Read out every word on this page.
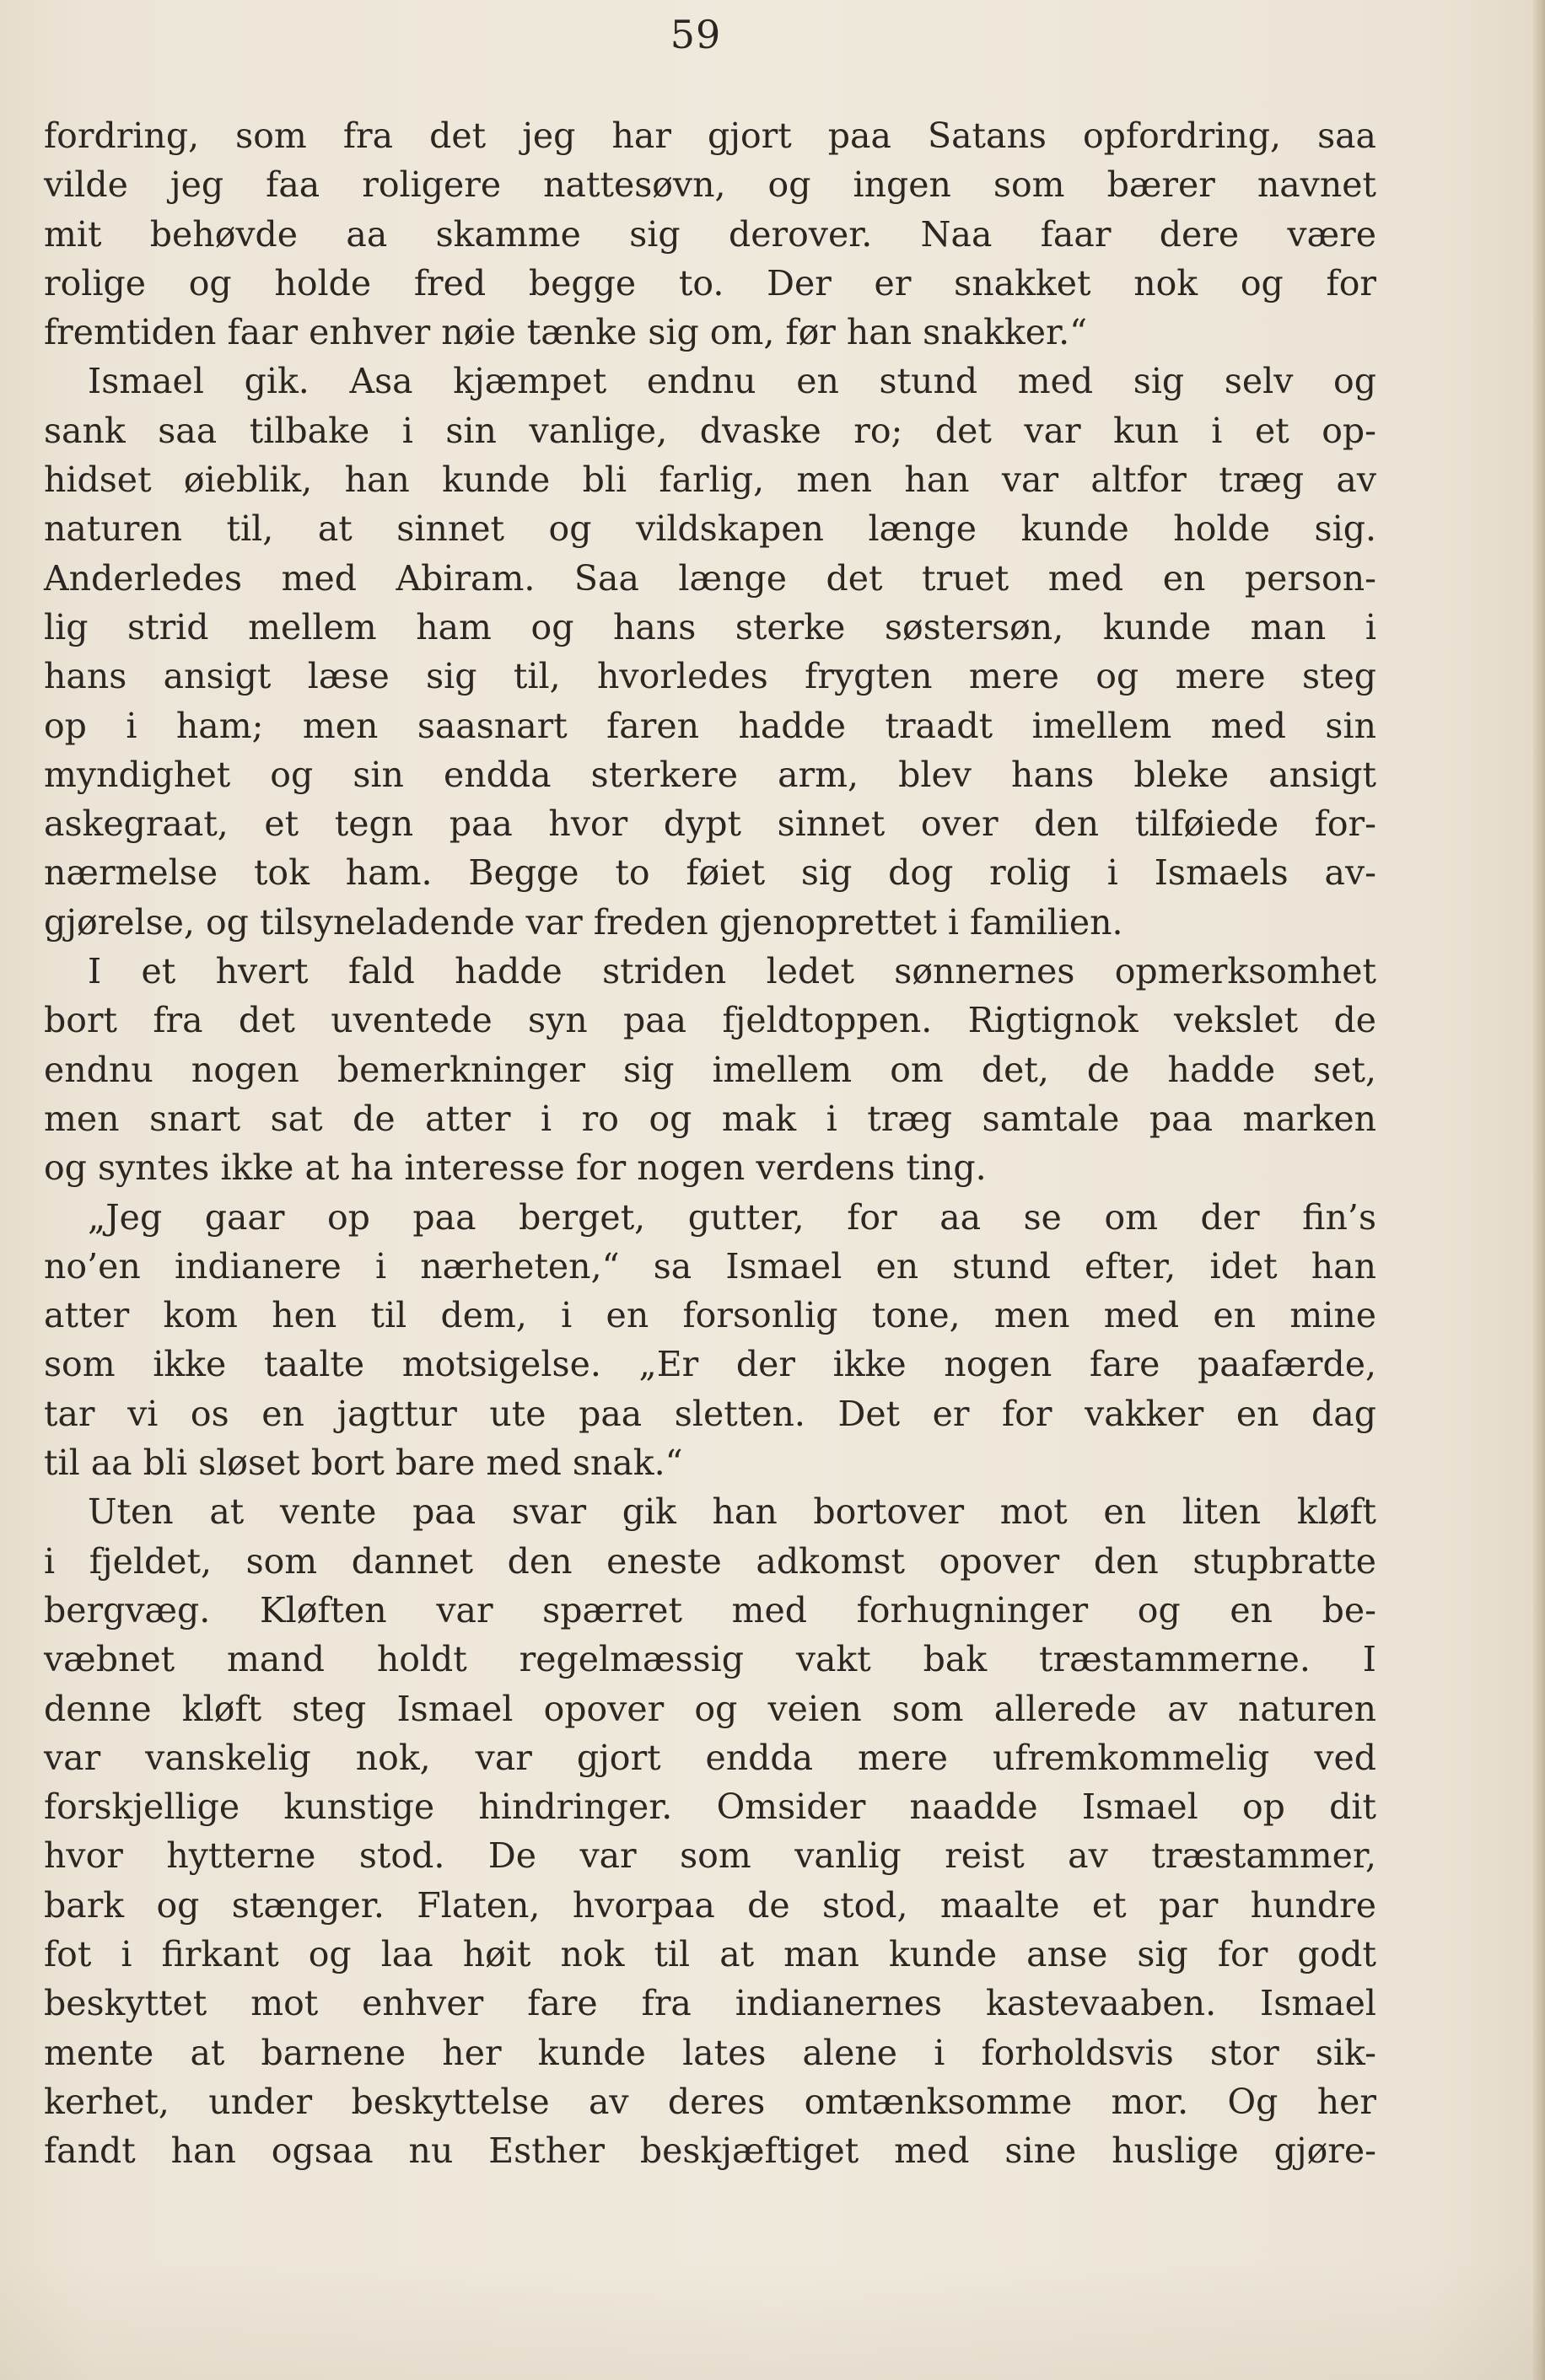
59
fordring, som fra det jeg har gjort paa Satans opfordring, saa
vilde jeg faa roligere nattesøvn, og ingen som bærer navnet
mit behøvde aa skamme sig derover. Naa faar dere være
rolige og holde fred begge to. Der er snakket nok og for
fremtiden faar enhver nøie tænke sig om, før han snakker.“
Ismael gik. Asa kjæmpet endnu en stund med sig selv og
sank saa tilbake i sin vanlige, dvaske ro; det var kun i et op-
hidset øieblik, han kunde bli farlig, men han var altfor træg av
naturen til, at sinnet og vildskapen længe kunde holde sig.
Anderledes med Abiram. Saa længe det truet med en person-
lig strid mellem ham og hans sterke søstersøn, kunde man i
hans ansigt læse sig til, hvorledes frygten mere og mere steg
op i ham; men saasnart faren hadde traadt imellem med sin
myndighet og sin endda sterkere arm, blev hans bleke ansigt
askegraat, et tegn paa hvor dypt sinnet over den tilføiede for-
nærmelse tok ham. Begge to føiet sig dog rolig i Ismaels av-
gjørelse, og tilsyneladende var freden gjenoprettet i familien.
I et hvert fald hadde striden ledet sønnernes opmerksomhet
bort fra det uventede syn paa fjeldtoppen. Rigtignok vekslet de
endnu nogen bemerkninger sig imellem om det, de hadde set,
men snart sat de atter i ro og mak i træg samtale paa marken
og syntes ikke at ha interesse for nogen verdens ting.
„Jeg gaar op paa berget, gutter, for aa se om der fin’s
no’en indianere i nærheten,“ sa Ismael en stund efter, idet han
atter kom hen til dem, i en forsonlig tone, men med en mine
som ikke taalte motsigelse. „Er der ikke nogen fare paafærde,
tar vi os en jagttur ute paa sletten. Det er for vakker en dag
til aa bli sløset bort bare med snak.“
Uten at vente paa svar gik han bortover mot en liten kløft
i fjeldet, som dannet den eneste adkomst opover den stupbratte
bergvæg. Kløften var spærret med forhugninger og en be-
væbnet mand holdt regelmæssig vakt bak træstammerne. I
denne kløft steg Ismael opover og veien som allerede av naturen
var vanskelig nok, var gjort endda mere ufremkommelig ved
forskjellige kunstige hindringer. Omsider naadde Ismael op dit
hvor hytterne stod. De var som vanlig reist av træstammer,
bark og stænger. Flaten, hvorpaa de stod, maalte et par hundre
fot i firkant og laa høit nok til at man kunde anse sig for godt
beskyttet mot enhver fare fra indianernes kastevaaben. Ismael
mente at barnene her kunde lates alene i forholdsvis stor sik-
kerhet, under beskyttelse av deres omtænksomme mor. Og her
fandt han ogsaa nu Esther beskjæftiget med sine huslige gjøre-
